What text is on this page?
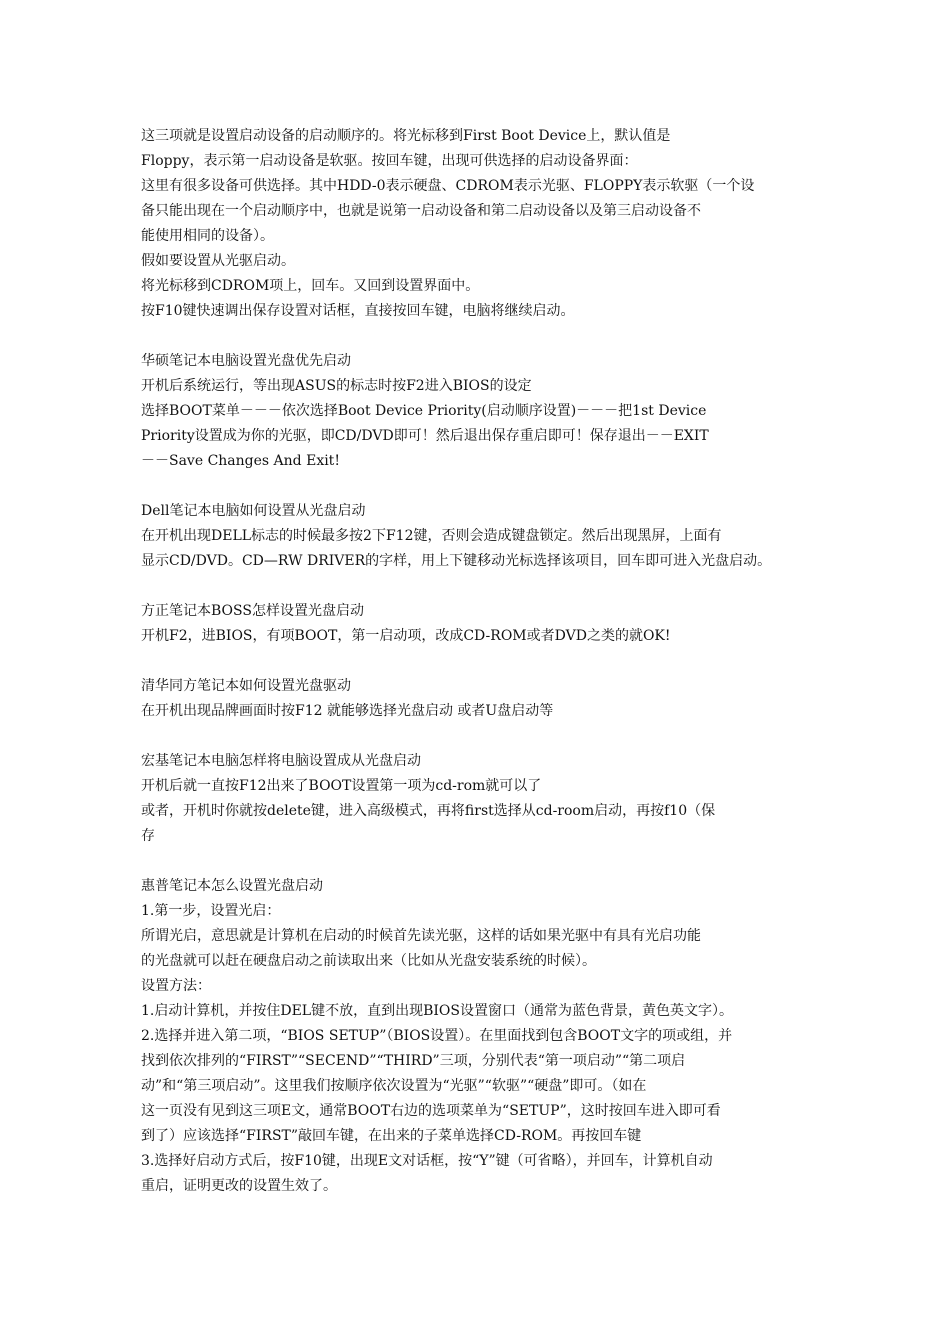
这三项就是设置启动设备的启动顺序的。将光标移到First Boot Device上，默认值是
Floppy，表示第一启动设备是软驱。按回车键，出现可供选择的启动设备界面：
这里有很多设备可供选择。其中HDD-0表示硬盘、CDROM表示光驱、FLOPPY表示软驱（一个设
备只能出现在一个启动顺序中，也就是说第一启动设备和第二启动设备以及第三启动设备不
能使用相同的设备）。
假如要设置从光驱启动。
将光标移到CDROM项上，回车。又回到设置界面中。
按F10键快速调出保存设置对话框，直接按回车键，电脑将继续启动。
华硕笔记本电脑设置光盘优先启动
开机后系统运行，等出现ASUS的标志时按F2进入BIOS的设定
选择BOOT菜单－－－依次选择Boot Device Priority(启动顺序设置)－－－把1st Device
Priority设置成为你的光驱，即CD/DVD即可！然后退出保存重启即可！保存退出－－EXIT
－－Save Changes And Exit!
Dell笔记本电脑如何设置从光盘启动
在开机出现DELL标志的时候最多按2下F12键，否则会造成键盘锁定。然后出现黑屏，上面有
显示CD/DVD。CD—RW DRIVER的字样，用上下键移动光标选择该项目，回车即可进入光盘启动。
方正笔记本BOSS怎样设置光盘启动
开机F2，进BIOS，有项BOOT，第一启动项，改成CD-ROM或者DVD之类的就OK!
清华同方笔记本如何设置光盘驱动
在开机出现品牌画面时按F12 就能够选择光盘启动 或者U盘启动等
宏基笔记本电脑怎样将电脑设置成从光盘启动
开机后就一直按F12出来了BOOT设置第一项为cd-rom就可以了
或者，开机时你就按delete键，进入高级模式，再将first选择从cd-room启动，再按f10（保
存
惠普笔记本怎么设置光盘启动
1.第一步，设置光启：
所谓光启，意思就是计算机在启动的时候首先读光驱，这样的话如果光驱中有具有光启功能
的光盘就可以赶在硬盘启动之前读取出来（比如从光盘安装系统的时候）。
设置方法：
1.启动计算机，并按住DEL键不放，直到出现BIOS设置窗口（通常为蓝色背景，黄色英文字）。
2.选择并进入第二项，“BIOS SETUP”（BIOS设置）。在里面找到包含BOOT文字的项或组，并
找到依次排列的“FIRST”“SECEND”“THIRD”三项，分别代表“第一项启动”“第二项启
动”和“第三项启动”。这里我们按顺序依次设置为“光驱”“软驱”“硬盘”即可。（如在
这一页没有见到这三项E文，通常BOOT右边的选项菜单为“SETUP”，这时按回车进入即可看
到了）应该选择“FIRST”敲回车键，在出来的子菜单选择CD-ROM。再按回车键
3.选择好启动方式后，按F10键，出现E文对话框，按“Y”键（可省略），并回车，计算机自动
重启，证明更改的设置生效了。
